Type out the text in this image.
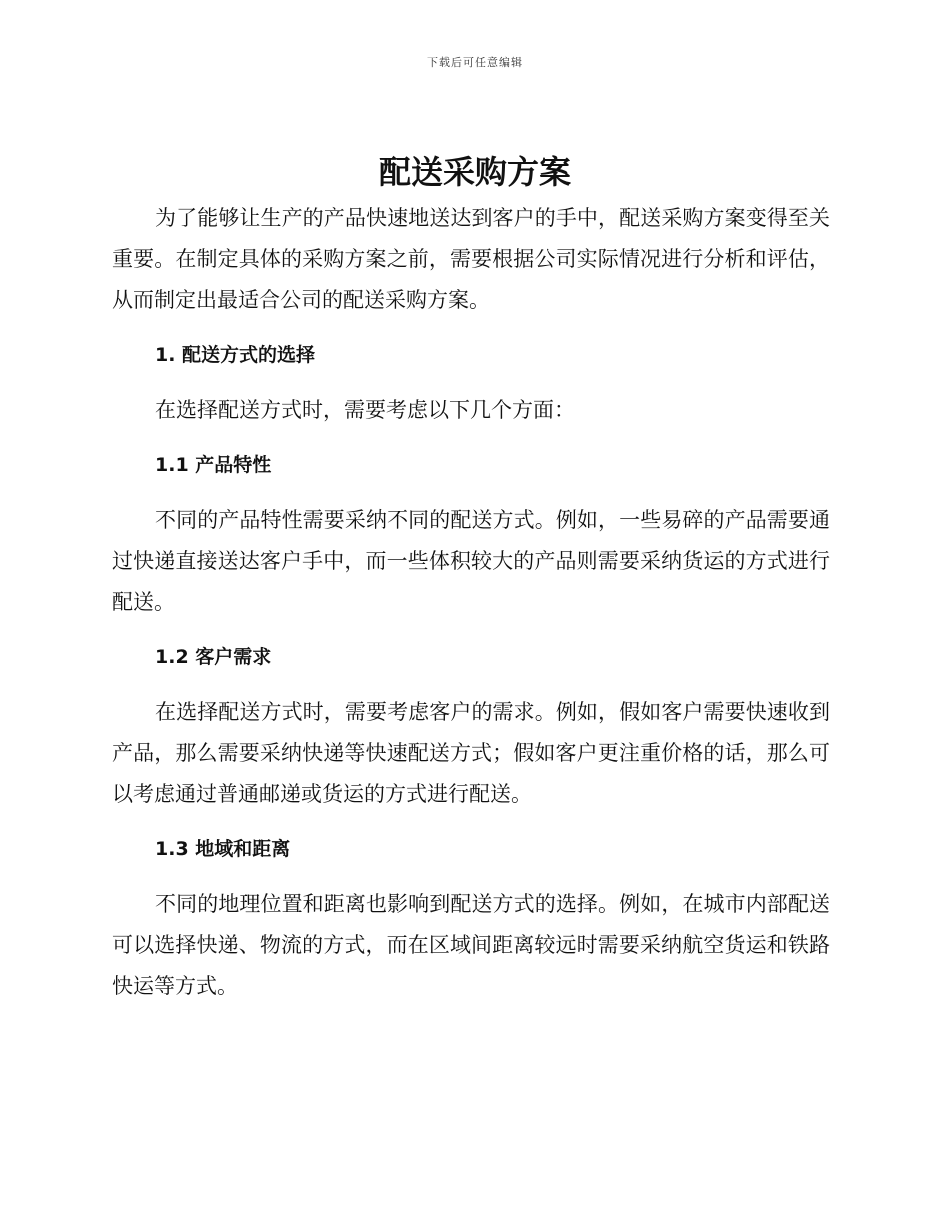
下载后可任意编辑
配送采购方案

为了能够让生产的产品快速地送达到客户的手中，配送采购方案变得至关重要。在制定具体的采购方案之前，需要根据公司实际情况进行分析和评估，从而制定出最适合公司的配送采购方案。

1. 配送方式的选择

在选择配送方式时，需要考虑以下几个方面：

1.1 产品特性

不同的产品特性需要采纳不同的配送方式。例如，一些易碎的产品需要通过快递直接送达客户手中，而一些体积较大的产品则需要采纳货运的方式进行配送。

1.2 客户需求

在选择配送方式时，需要考虑客户的需求。例如，假如客户需要快速收到产品，那么需要采纳快递等快速配送方式；假如客户更注重价格的话，那么可以考虑通过普通邮递或货运的方式进行配送。

1.3 地域和距离

不同的地理位置和距离也影响到配送方式的选择。例如，在城市内部配送可以选择快递、物流的方式，而在区域间距离较远时需要采纳航空货运和铁路快运等方式。
